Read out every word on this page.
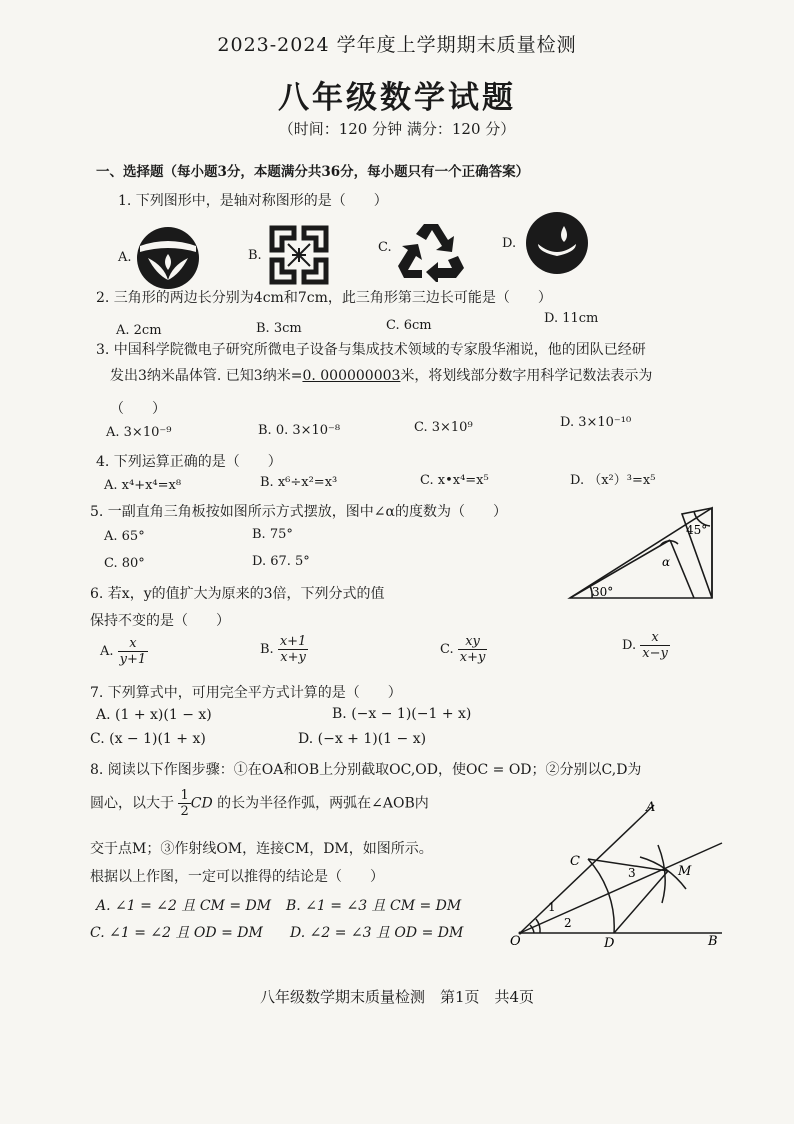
2023-2024 学年度上学期期末质量检测
八年级数学试题
（时间：120 分钟 满分：120 分）
一、选择题（每小题3分，本题满分共36分，每小题只有一个正确答案）
1. 下列图形中，是轴对称图形的是（　　）
A.	B.
C.	D.
2. 三角形的两边长分别为4cm和7cm，此三角形第三边长可能是（　　）
A. 2cm	B. 3cm	C. 6cm	D. 11cm
3. 中国科学院微电子研究所微电子设备与集成技术领域的专家殷华湘说，他的团队已经研
发出3纳米晶体管. 已知3纳米=0. 000000003米，将划线部分数字用科学记数法表示为
（　　）
A. 3×10⁻⁹	B. 0. 3×10⁻⁸	C. 3×10⁹	D. 3×10⁻¹⁰
4. 下列运算正确的是（　　）
A. x⁴+x⁴=x⁸	B. x⁶÷x²=x³	C. x•x⁴=x⁵	D. （x²）³=x⁵
5. 一副直角三角板按如图所示方式摆放，图中∠α的度数为（　　）
A. 65°	B. 75°
C. 80°	D. 67. 5°
45°
30°
α
6. 若x，y的值扩大为原来的3倍，下列分式的值
保持不变的是（　　）
A. $\frac{x}{y+1}$	B. $\frac{x+1}{x+y}$	C. $\frac{xy}{x+y}$	D. $\frac{x}{x-y}$
7. 下列算式中，可用完全平方式计算的是（　　）
A. (1 + x)(1 − x)	B. (−x − 1)(−1 + x)
C. (x − 1)(1 + x)	D. (−x + 1)(1 − x)
8. 阅读以下作图步骤：①在OA和OB上分别截取OC,OD，使OC = OD；②分别以C,D为
圆心，以大于 $\frac{1}{2}$ CD 的长为半径作弧，两弧在∠AOB内
交于点M；③作射线OM，连接CM，DM，如图所示。
根据以上作图，一定可以推得的结论是（　　）
A. ∠1 = ∠2 且 CM = DM B. ∠1 = ∠3 且 CM = DM
C. ∠1 = ∠2 且 OD = DM D. ∠2 = ∠3 且 OD = DM
O
A
B
C
D
M
1
2
3
八年级数学期末质量检测　第1页　共4页
